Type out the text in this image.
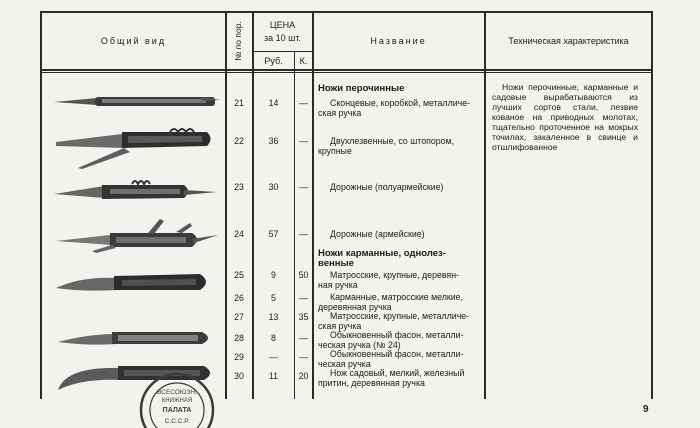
Общий вид	№ по пор.	ЦЕНА
за 10 шт.
Руб.	К.
Название	Техническая характеристика
Ножи перочинные
Ножи карманные, однолез-
венные
21	14	—	Сконцевые, коробкой, металличе-
ская ручка
22	36	—	Двухлезвенные, со штопором,
крупные
23	30	—	Дорожные (полуармейские)
24	57	—	Дорожные (армейские)
25	9	50	Матросские, крупные, деревян-
ная ручка
26	5	—	Карманные, матросские мелкие,
деревянная ручка
27	13	35	Матросские, крупные, металличе-
ская ручка
28	8	—	Обыкновенный фасон, металли-
ческая ручка (№ 24)
29	—	—	Обыкновенный фасон, металли-
ческая ручка
30	11	20	Нож садовый, мелкий, железный
притин, деревянная ручка
Ножи перочинные, карманные и садовые вырабатываются из лучших сортов стали, лезвие кованое на приводных молотах, тщательно проточенное на мокрых точилах, закаленное в свинце и отшлифованное
ВСЕСОЮЗН.
КНИЖНАЯ
ПАЛАТА
С.С.С.Р.
9
